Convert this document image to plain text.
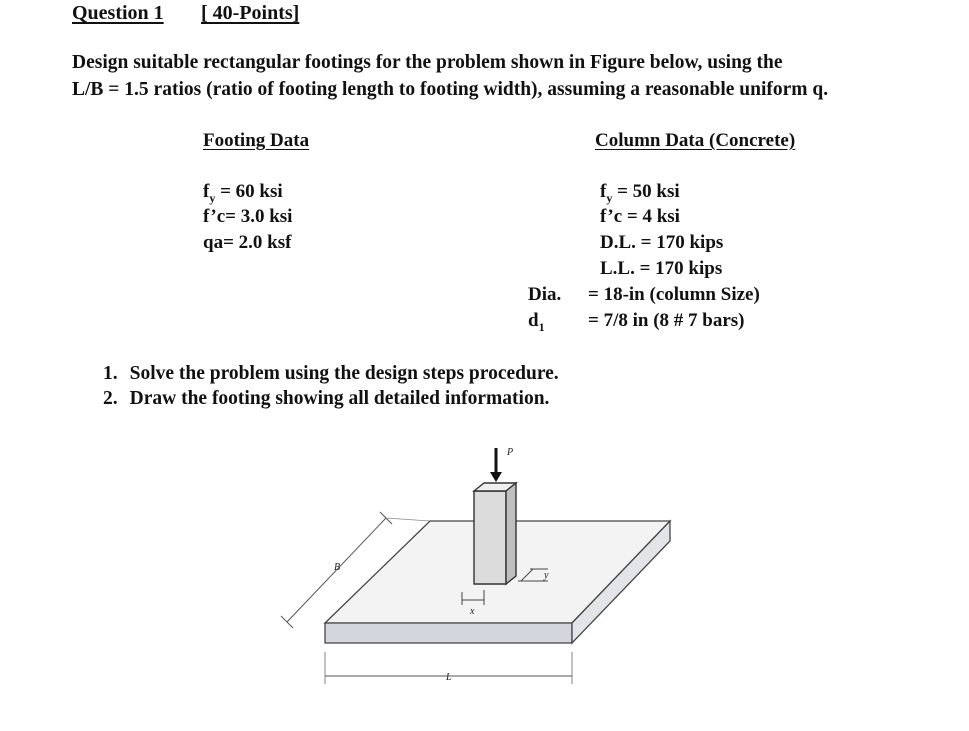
Question 1 [ 40-Points]
Design suitable rectangular footings for the problem shown in Figure below, using the
L/B = 1.5 ratios (ratio of footing length to footing width), assuming a reasonable uniform q.
Footing Data
$f_y = 60$ ksi
f’c= 3.0 ksi
qa= 2.0 ksf
Column Data (Concrete)
$f_y = 50$ ksi
f’c = 4 ksi
D.L. = 170 kips
L.L. = 170 kips
Dia. = 18-in (column Size)
$d_1 = 7/8$ in (8 # 7 bars)
1. Solve the problem using the design steps procedure.
2. Draw the footing showing all detailed information.
P
B
L
x
y
